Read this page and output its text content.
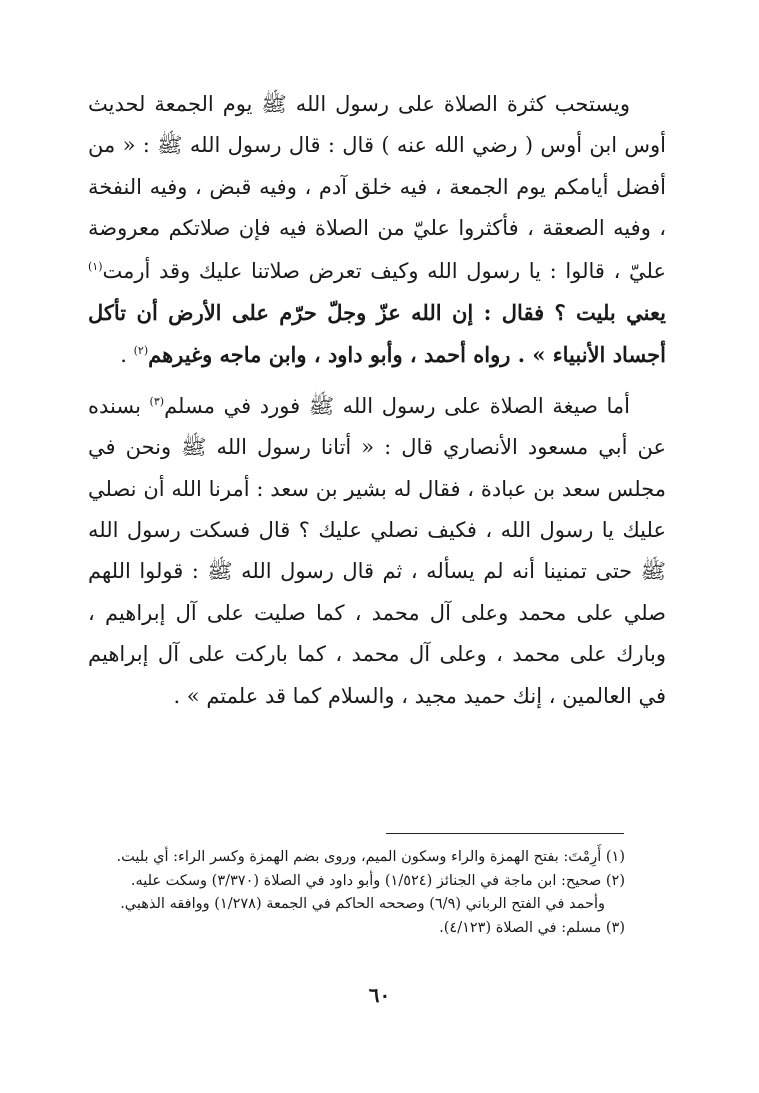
ويستحب كثرة الصلاة على رسول الله ﷺ يوم الجمعة لحديث أوس ابن أوس ( رضي الله عنه ) قال : قال رسول الله ﷺ : « من أفضل أيامكم يوم الجمعة ، فيه خلق آدم ، وفيه قبض ، وفيه النفخة ، وفيه الصعقة ، فأكثروا عليّ من الصلاة فيه فإن صلاتكم معروضة عليّ ، قالوا : يا رسول الله وكيف تعرض صلاتنا عليك وقد أرمت$^{(١)}$ يعني بليت ؟ فقال : إن الله عزّ وجلّ حرّم على الأرض أن تأكل أجساد الأنبياء » . رواه أحمد ، وأبو داود ، وابن ماجه وغيرهم$^{(٢)}$ .

أما صيغة الصلاة على رسول الله ﷺ فورد في مسلم$^{(٣)}$ بسنده عن أبي مسعود الأنصاري قال : « أتانا رسول الله ﷺ ونحن في مجلس سعد بن عبادة ، فقال له بشير بن سعد : أمرنا الله أن نصلي عليك يا رسول الله ، فكيف نصلي عليك ؟ قال فسكت رسول الله ﷺ حتى تمنينا أنه لم يسأله ، ثم قال رسول الله ﷺ : قولوا اللهم صلي على محمد وعلى آل محمد ، كما صليت على آل إبراهيم ، وبارك على محمد ، وعلى آل محمد ، كما باركت على آل إبراهيم في العالمين ، إنك حميد مجيد ، والسلام كما قد علمتم » .

(١) أَرِمْتَ: بفتح الهمزة والراء وسكون الميم، وروى بضم الهمزة وكسر الراء: أي بليت.

(٢) صحيح: ابن ماجة في الجنائز (١/٥٢٤) وأبو داود في الصلاة (٣/٣٧٠) وسكت عليه.

وأحمد في الفتح الرباني (٦/٩) وصححه الحاكم في الجمعة (١/٢٧٨) ووافقه الذهبي.

(٣) مسلم: في الصلاة (٤/١٢٣).

٦٠
